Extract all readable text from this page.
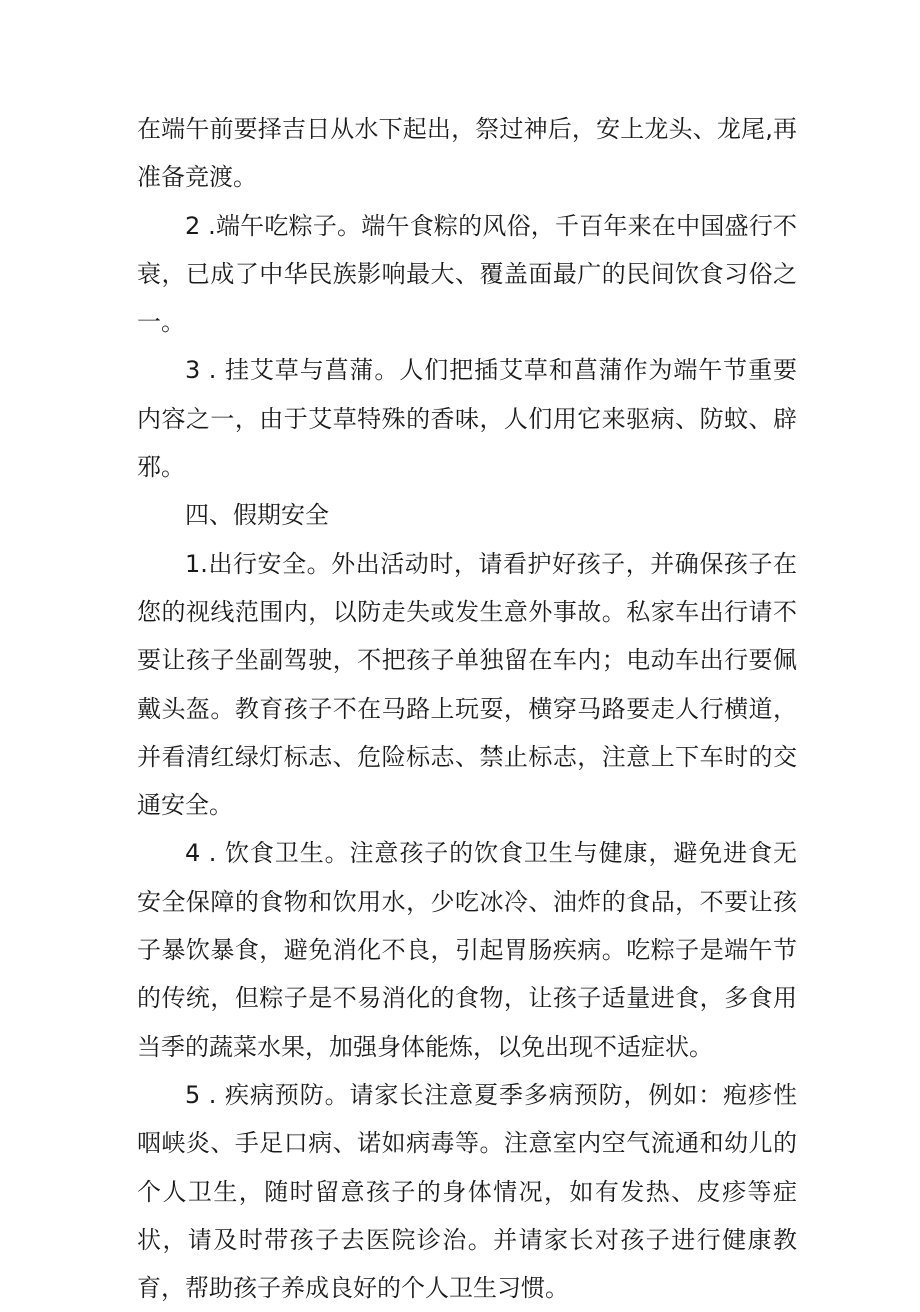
在端午前要择吉日从水下起出，祭过神后，安上龙头、龙尾,再准备竞渡。

2 .端午吃粽子。端午食粽的风俗，千百年来在中国盛行不衰，已成了中华民族影响最大、覆盖面最广的民间饮食习俗之一。

3 . 挂艾草与菖蒲。人们把插艾草和菖蒲作为端午节重要内容之一，由于艾草特殊的香味，人们用它来驱病、防蚊、辟邪。

四、假期安全

1.出行安全。外出活动时，请看护好孩子，并确保孩子在您的视线范围内，以防走失或发生意外事故。私家车出行请不要让孩子坐副驾驶，不把孩子单独留在车内；电动车出行要佩戴头盔。教育孩子不在马路上玩耍，横穿马路要走人行横道，并看清红绿灯标志、危险标志、禁止标志，注意上下车时的交通安全。

4 . 饮食卫生。注意孩子的饮食卫生与健康，避免进食无安全保障的食物和饮用水，少吃冰冷、油炸的食品，不要让孩子暴饮暴食，避免消化不良，引起胃肠疾病。吃粽子是端午节的传统，但粽子是不易消化的食物，让孩子适量进食，多食用当季的蔬菜水果，加强身体能炼，以免出现不适症状。

5 . 疾病预防。请家长注意夏季多病预防，例如：疱疹性咽峡炎、手足口病、诺如病毒等。注意室内空气流通和幼儿的个人卫生，随时留意孩子的身体情况，如有发热、皮疹等症状，请及时带孩子去医院诊治。并请家长对孩子进行健康教育，帮助孩子养成良好的个人卫生习惯。
